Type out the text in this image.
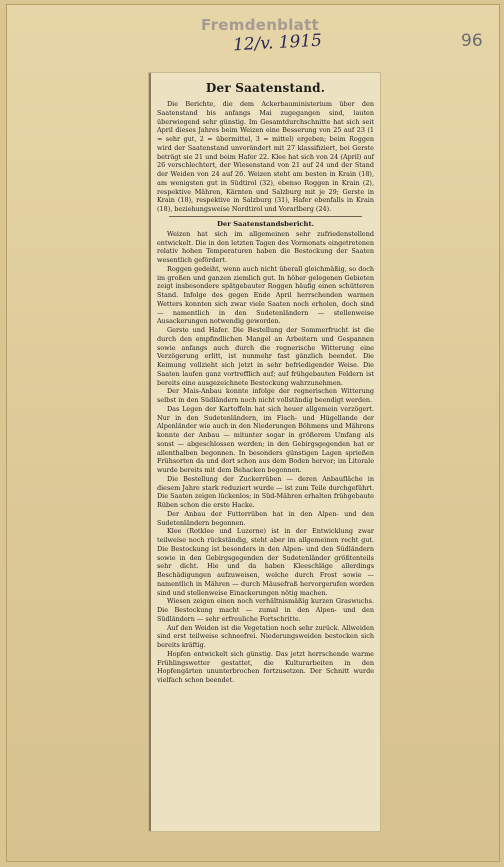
Fremdenblatt
12/v. 1915	96
Der Saatenstand.

Die Berichte, die dem Ackerbauministerium über den Saatenstand bis anfangs Mai zugegangen sind, lauten überwiegend sehr günstig. Im Gesamtdurchschnitte hat sich seit April dieses Jahres beim Weizen eine Besserung von 25 auf 23 (1 = sehr gut, 2 = übermittel, 3 = mittel) ergeben; beim Roggen wird der Saatenstand unverändert mit 27 klassifiziert, bei Gerste beträgt sie 21 und beim Hafer 22. Klee hat sich von 24 (April) auf 26 verschlechtert, der Wiesenstand von 21 auf 24 und der Stand der Weiden von 24 auf 26. Weizen steht am besten in Krain (18), am wenigsten gut in Südtirol (32), ebenso Roggen in Krain (2), respektive Mähren, Kärnten und Salzburg mit je 29; Gerste in Krain (18), respektive in Salzburg (31), Hafer ebenfalls in Krain (18), beziehungsweise Nordtirol und Vorarlberg (24).

Der Saatenstandsbericht.

Weizen hat sich im allgemeinen sehr zufriedenstellend entwickelt. Die in den letzten Tagen des Vormonats eingetretenen relativ hohen Temperaturen haben die Bestockung der Saaten wesentlich gefördert.

Roggen gedeiht, wenn auch nicht überall gleichmäßig, so doch im großen und ganzen ziemlich gut. In höher gelegenen Gebieten zeigt insbesondere spätgebauter Roggen häufig einen schütteren Stand. Infolge des gegen Ende April herrschenden warmen Wetters konnten sich zwar viele Saaten noch erholen, doch sind — namentlich in den Sudetenländern — stellenweise Ausackerungen notwendig geworden.

Gerste und Hafer. Die Bestellung der Sommerfrucht ist die durch den empfindlichen Mangel an Arbeitern und Gespannen sowie anfangs auch durch die regnerische Witterung eine Verzögerung erlitt, ist nunmehr fast gänzlich beendet. Die Keimung vollzieht sich jetzt in sehr befriedigender Weise. Die Saaten laufen ganz vortrefflich auf; auf frühgebauten Feldern ist bereits eine ausgezeichnete Bestockung wahrzunehmen.

Der Mais-Anbau konnte infolge der regnerischen Witterung selbst in den Südländern noch nicht vollständig beendigt werden.

Das Legen der Kartoffeln hat sich heuer allgemein verzögert. Nur in den Sudetenländern, im Flach- und Hügellande der Alpenländer wie auch in den Niederungen Böhmens und Mährens konnte der Anbau — mitunter sogar in größerem Umfang als sonst — abgeschlossen werden; in den Gebirgsgegenden hat er allenthalben begonnen. In besonders günstigen Lagen sprießen Frühsorten da und dort schon aus dem Boden hervor; im Litorale wurde bereits mit dem Behacken begonnen.

Die Bestellung der Zuckerrüben — deren Anbaufläche in diesem Jahre stark reduziert wurde — ist zum Teile durchgeführt. Die Saaten zeigen lückenlos; in Süd-Mähren erhalten frühgebaute Rüben schon die erste Hacke.

Der Anbau der Futterrüben hat in den Alpen- und den Sudetenländern begonnen.

Klee (Rotklee und Luzerne) ist in der Entwicklung zwar teilweise noch rückständig, steht aber im allgemeinen recht gut. Die Bestockung ist besonders in den Alpen- und den Südländern sowie in den Gebirgsgegenden der Sudetenländer größtenteils sehr dicht. Hie und da haben Kleeschläge allerdings Beschädigungen aufzuweisen, welche durch Frost sowie — namentlich in Mähren — durch Mäusefraß hervorgerufen worden sind und stellenweise Einackerungen nötig machen.

Wiesen zeigen einen noch verhältnismäßig kurzen Graswuchs. Die Bestockung macht — zumal in den Alpen- und den Südländern — sehr erfreuliche Fortschritte.

Auf den Weiden ist die Vegetation noch sehr zurück. Allweiden sind erst teilweise schneefrei. Niederungsweiden bestocken sich bereits kräftig.

Hopfen entwickelt sich günstig. Das jetzt herrschende warme Frühlingswetter gestattet, die Kulturarbeiten in den Hopfengärten ununterbrochen fortzusetzen. Der Schnitt wurde vielfach schon beendet.
